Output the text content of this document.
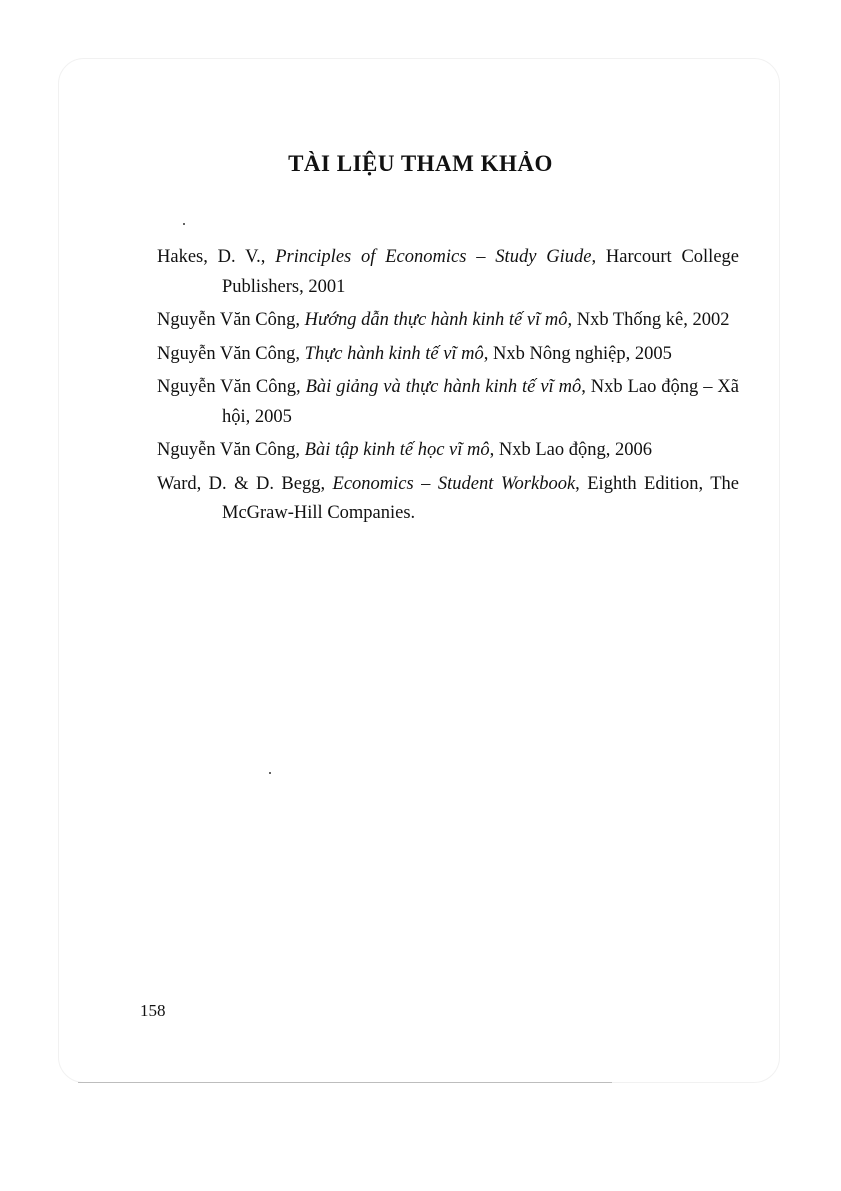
TÀI LIỆU THAM KHẢO
Hakes, D. V., Principles of Economics – Study Giude, Harcourt College Publishers, 2001
Nguyễn Văn Công, Hướng dẫn thực hành kinh tế vĩ mô, Nxb Thống kê, 2002
Nguyễn Văn Công, Thực hành kinh tế vĩ mô, Nxb Nông nghiệp, 2005
Nguyễn Văn Công, Bài giảng và thực hành kinh tế vĩ mô, Nxb Lao động – Xã hội, 2005
Nguyễn Văn Công, Bài tập kinh tế học vĩ mô, Nxb Lao động, 2006
Ward, D. & D. Begg, Economics – Student Workbook, Eighth Edition, The McGraw-Hill Companies.

158
